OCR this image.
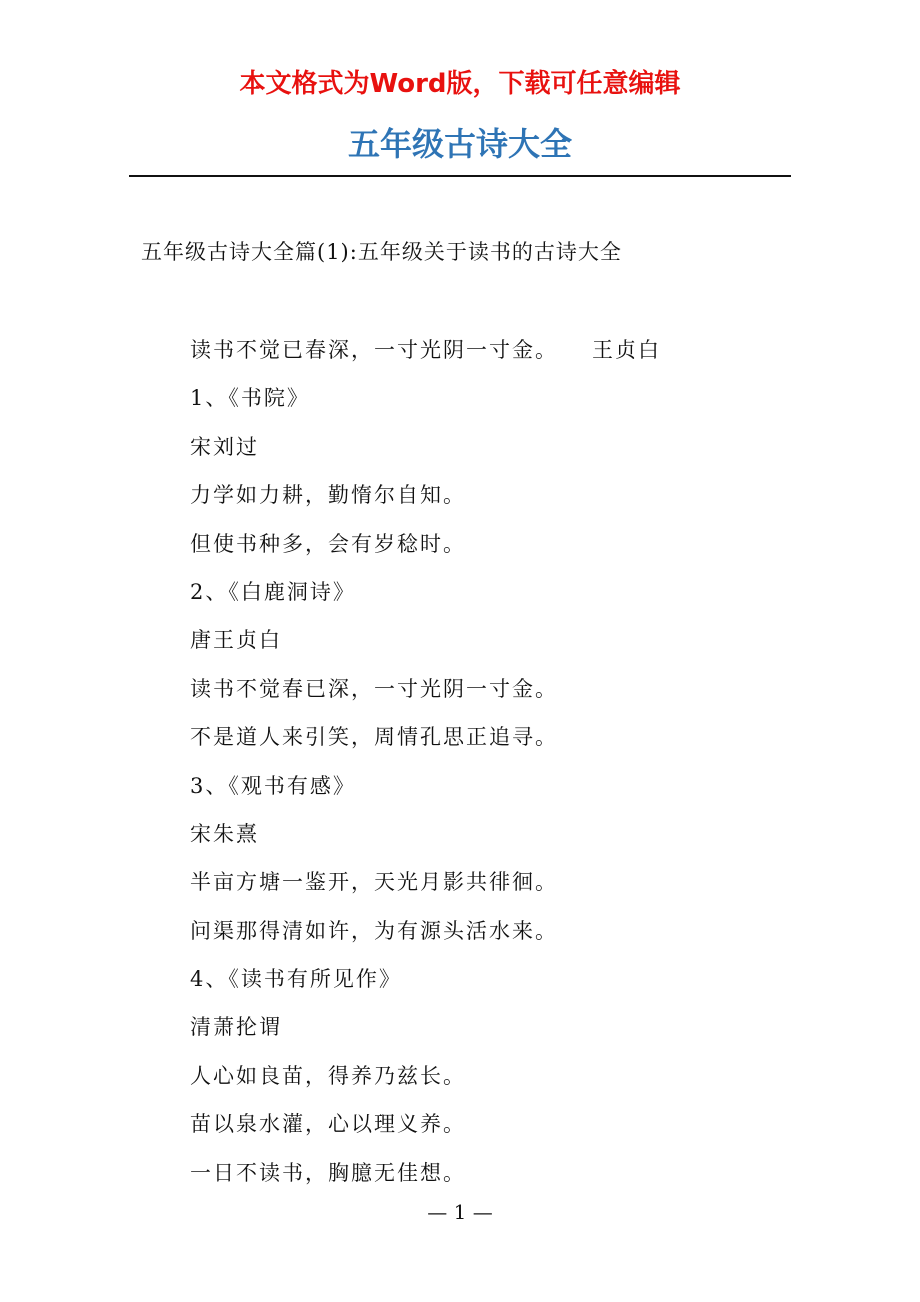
本文格式为Word版，下载可任意编辑
五年级古诗大全
五年级古诗大全篇(1):五年级关于读书的古诗大全
读书不觉已春深，一寸光阴一寸金。 王贞白
1、《书院》
宋刘过
力学如力耕，勤惰尔自知。
但使书种多，会有岁稔时。
2、《白鹿洞诗》
唐王贞白
读书不觉春已深，一寸光阴一寸金。
不是道人来引笑，周情孔思正追寻。
3、《观书有感》
宋朱熹
半亩方塘一鉴开，天光月影共徘徊。
问渠那得清如许，为有源头活水来。
4、《读书有所见作》
清萧抡谓
人心如良苗，得养乃兹长。
苗以泉水灌，心以理义养。
一日不读书，胸臆无佳想。
— 1 —
